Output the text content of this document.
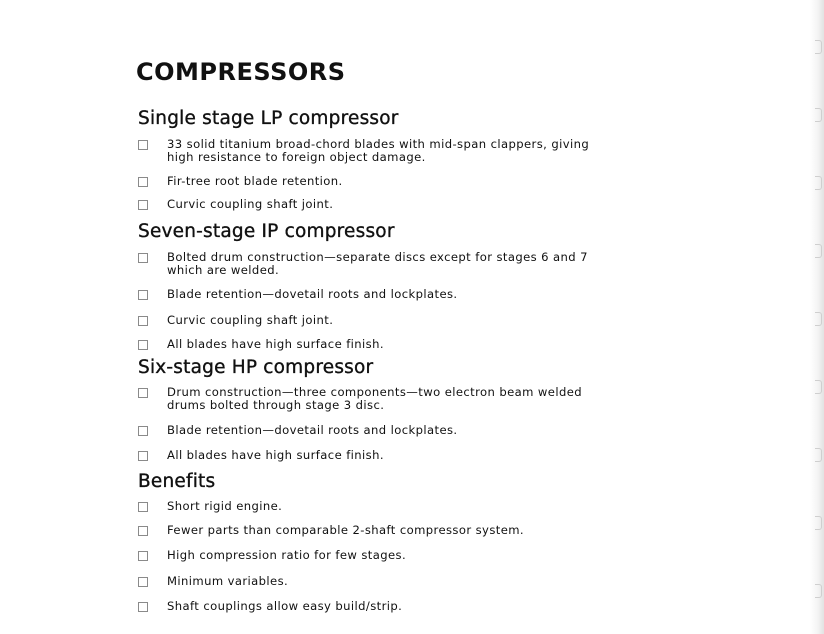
COMPRESSORS
Single stage LP compressor
33 solid titanium broad-chord blades with mid-span clappers, giving
high resistance to foreign object damage.
Fir-tree root blade retention.
Curvic coupling shaft joint.
Seven-stage IP compressor
Bolted drum construction—separate discs except for stages 6 and 7
which are welded.
Blade retention—dovetail roots and lockplates.
Curvic coupling shaft joint.
All blades have high surface finish.
Six-stage HP compressor
Drum construction—three components—two electron beam welded
drums bolted through stage 3 disc.
Blade retention—dovetail roots and lockplates.
All blades have high surface finish.
Benefits
Short rigid engine.
Fewer parts than comparable 2-shaft compressor system.
High compression ratio for few stages.
Minimum variables.
Shaft couplings allow easy build/strip.
